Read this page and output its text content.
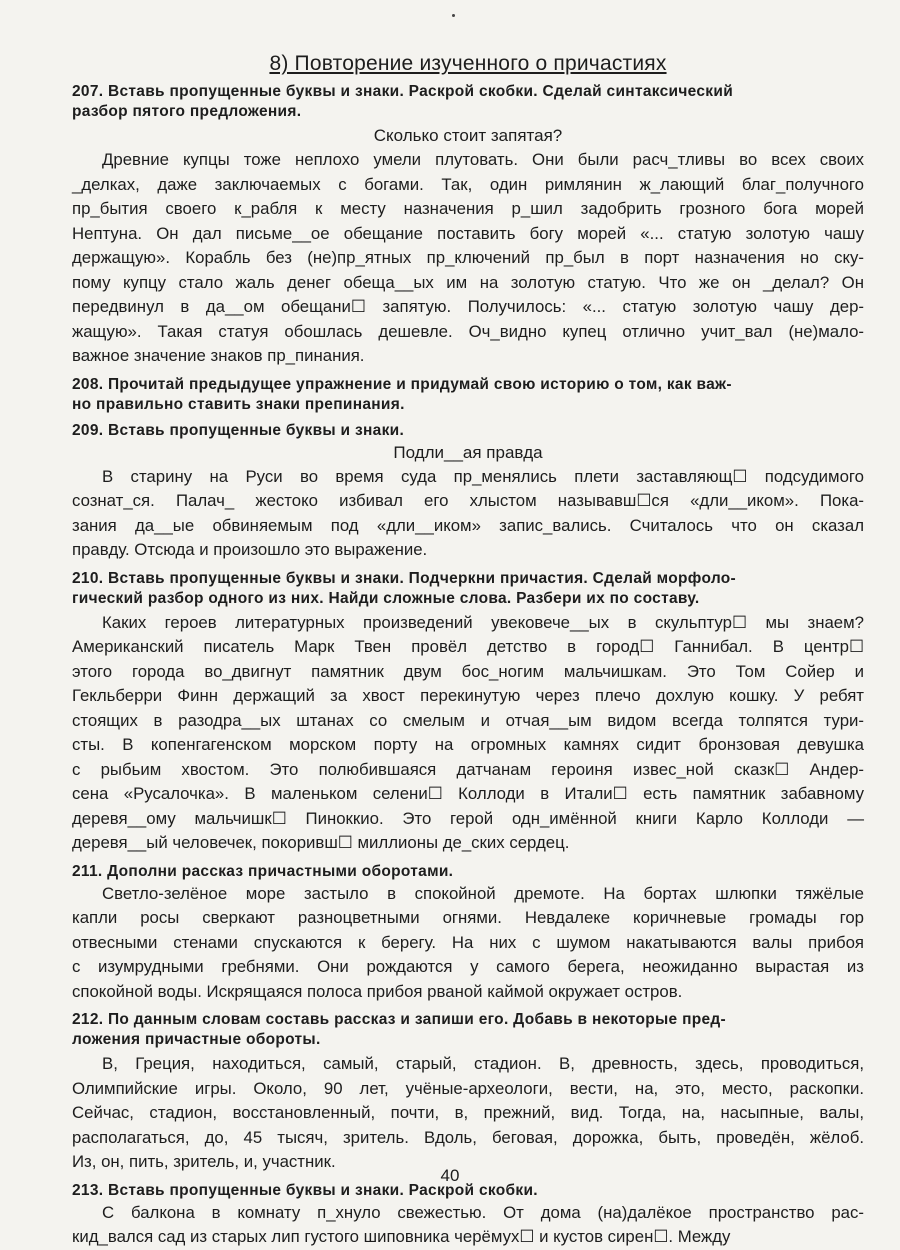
8) Повторение изученного о причастиях
207. Вставь пропущенные буквы и знаки. Раскрой скобки. Сделай синтаксический
разбор пятого предложения.
Сколько стоит запятая?
Древние купцы тоже неплохо умели плутовать. Они были расч_тливы во всех своих
_делках, даже заключаемых с богами. Так, один римлянин ж_лающий благ_получного
пр_бытия своего к_рабля к месту назначения р_шил задобрить грозного бога морей
Нептуна. Он дал письме__ое обещание поставить богу морей «... статую золотую чашу
держащую». Корабль без (не)пр_ятных пр_ключений пр_был в порт назначения но ску-
пому купцу стало жаль денег обеща__ых им на золотую статую. Что же он _делал? Он
передвинул в да__ом обещани☐ запятую. Получилось: «... статую золотую чашу дер-
жащую». Такая статуя обошлась дешевле. Оч_видно купец отлично учит_вал (не)мало-
важное значение знаков пр_пинания.
208. Прочитай предыдущее упражнение и придумай свою историю о том, как важ-
но правильно ставить знаки препинания.
209. Вставь пропущенные буквы и знаки.
Подли__ая правда
В старину на Руси во время суда пр_менялись плети заставляющ☐ подсудимого
сознат_ся. Палач_ жестоко избивал его хлыстом называвш☐ся «дли__иком». Пока-
зания да__ые обвиняемым под «дли__иком» запис_вались. Считалось что он сказал
правду. Отсюда и произошло это выражение.
210. Вставь пропущенные буквы и знаки. Подчеркни причастия. Сделай морфоло-
гический разбор одного из них. Найди сложные слова. Разбери их по составу.
Каких героев литературных произведений увековече__ых в скульптур☐ мы знаем?
Американский писатель Марк Твен провёл детство в город☐ Ганнибал. В центр☐
этого города во_двигнут памятник двум бос_ногим мальчишкам. Это Том Сойер и
Гекльберри Финн держащий за хвост перекинутую через плечо дохлую кошку. У ребят
стоящих в разодра__ых штанах со смелым и отчая__ым видом всегда толпятся тури-
сты. В копенгагенском морском порту на огромных камнях сидит бронзовая девушка
с рыбьим хвостом. Это полюбившаяся датчанам героиня извес_ной сказк☐ Андер-
сена «Русалочка». В маленьком селени☐ Коллоди в Итали☐ есть памятник забавному
деревя__ому мальчишк☐ Пиноккио. Это герой одн_имённой книги Карло Коллоди —
деревя__ый человечек, покоривш☐ миллионы де_ских сердец.
211. Дополни рассказ причастными оборотами.
Светло-зелёное море застыло в спокойной дремоте. На бортах шлюпки тяжёлые
капли росы сверкают разноцветными огнями. Невдалеке коричневые громады гор
отвесными стенами спускаются к берегу. На них с шумом накатываются валы прибоя
с изумрудными гребнями. Они рождаются у самого берега, неожиданно вырастая из
спокойной воды. Искрящаяся полоса прибоя рваной каймой окружает остров.
212. По данным словам составь рассказ и запиши его. Добавь в некоторые пред-
ложения причастные обороты.
В, Греция, находиться, самый, старый, стадион. В, древность, здесь, проводиться,
Олимпийские игры. Около, 90 лет, учёные-археологи, вести, на, это, место, раскопки.
Сейчас, стадион, восстановленный, почти, в, прежний, вид. Тогда, на, насыпные, валы,
располагаться, до, 45 тысяч, зритель. Вдоль, беговая, дорожка, быть, проведён, жёлоб.
Из, он, пить, зритель, и, участник.
213. Вставь пропущенные буквы и знаки. Раскрой скобки.
С балкона в комнату п_хнуло свежестью. От дома (на)далёкое пространство рас-
кид_вался сад из старых лип густого шиповника черёмух☐ и кустов сирен☐. Между
40
